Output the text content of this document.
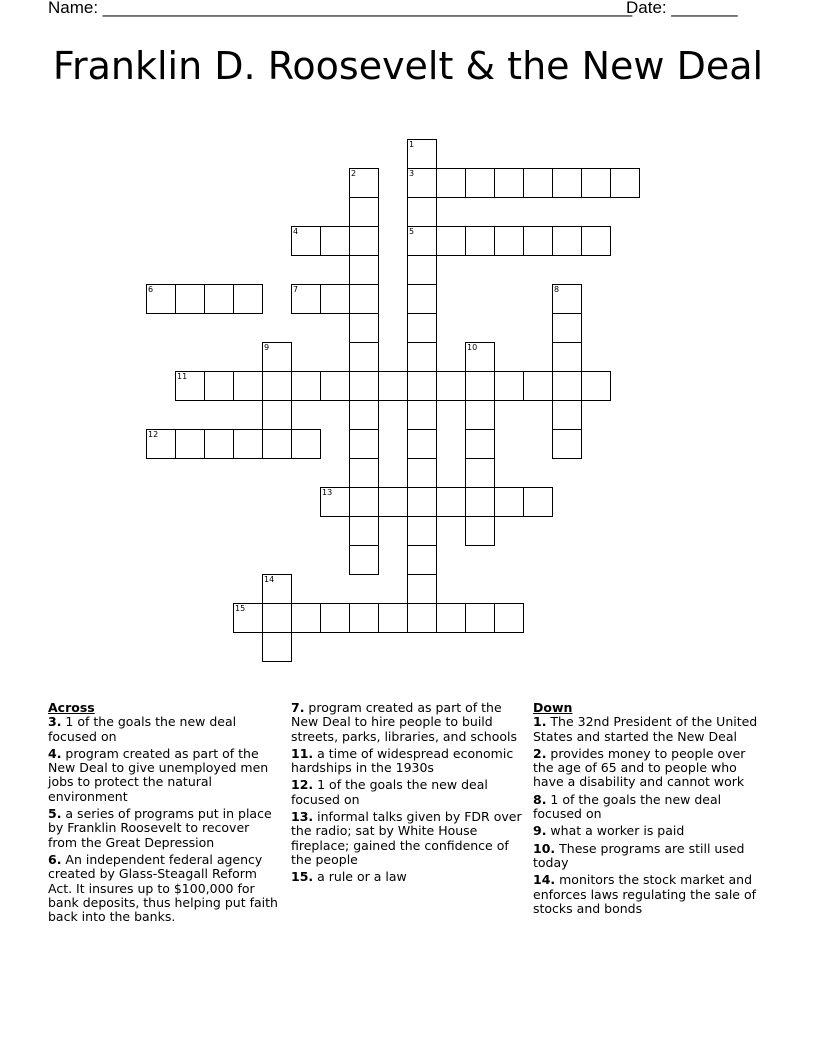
Name: ________________________________________________________
Date: _______
Franklin D. Roosevelt & the New Deal
3
4	5
6	7
11
12
13
15
1
2
8
9	10
14
Across
3. 1 of the goals the new deal focused on
4. program created as part of the New Deal to give unemployed men jobs to protect the natural environment
5. a series of programs put in place by Franklin Roosevelt to recover from the Great Depression
6. An independent federal agency created by Glass-Steagall Reform Act. It insures up to $100,000 for bank deposits, thus helping put faith back into the banks.
7. program created as part of the New Deal to hire people to build streets, parks, libraries, and schools
11. a time of widespread economic hardships in the 1930s
12. 1 of the goals the new deal focused on
13. informal talks given by FDR over the radio; sat by White House fireplace; gained the confidence of the people
15. a rule or a law
Down
1. The 32nd President of the United States and started the New Deal
2. provides money to people over the age of 65 and to people who have a disability and cannot work
8. 1 of the goals the new deal focused on
9. what a worker is paid
10. These programs are still used today
14. monitors the stock market and enforces laws regulating the sale of stocks and bonds
